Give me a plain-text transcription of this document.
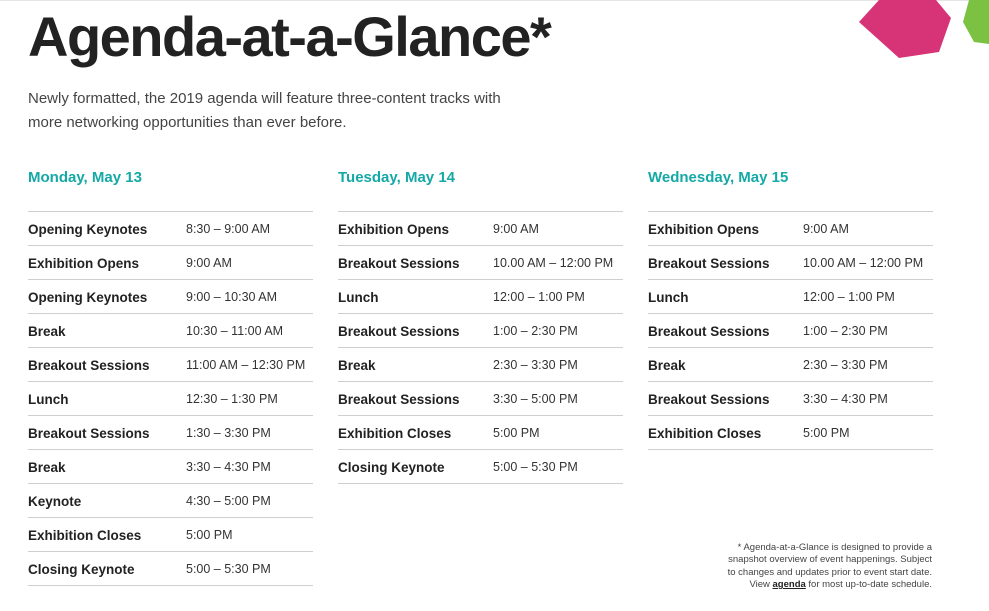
Agenda-at-a-Glance*

Newly formatted, the 2019 agenda will feature three-content tracks with more networking opportunities than ever before.

Monday, May 13
Opening Keynotes	8:30 – 9:00 AM
Exhibition Opens	9:00 AM
Opening Keynotes	9:00 – 10:30 AM
Break	10:30 – 11:00 AM
Breakout Sessions	11:00 AM – 12:30 PM
Lunch	12:30 – 1:30 PM
Breakout Sessions	1:30 – 3:30 PM
Break	3:30 – 4:30 PM
Keynote	4:30 – 5:00 PM
Exhibition Closes	5:00 PM
Closing Keynote	5:00 – 5:30 PM
Tuesday, May 14
Exhibition Opens	9:00 AM
Breakout Sessions	10.00 AM – 12:00 PM
Lunch	12:00 – 1:00 PM
Breakout Sessions	1:00 – 2:30 PM
Break	2:30 – 3:30 PM
Breakout Sessions	3:30 – 5:00 PM
Exhibition Closes	5:00 PM
Closing Keynote	5:00 – 5:30 PM
Wednesday, May 15
Exhibition Opens	9:00 AM
Breakout Sessions	10.00 AM – 12:00 PM
Lunch	12:00 – 1:00 PM
Breakout Sessions	1:00 – 2:30 PM
Break	2:30 – 3:30 PM
Breakout Sessions	3:30 – 4:30 PM
Exhibition Closes	5:00 PM

* Agenda-at-a-Glance is designed to provide a
snapshot overview of event happenings. Subject
to changes and updates prior to event start date.
View agenda for most up-to-date schedule.
